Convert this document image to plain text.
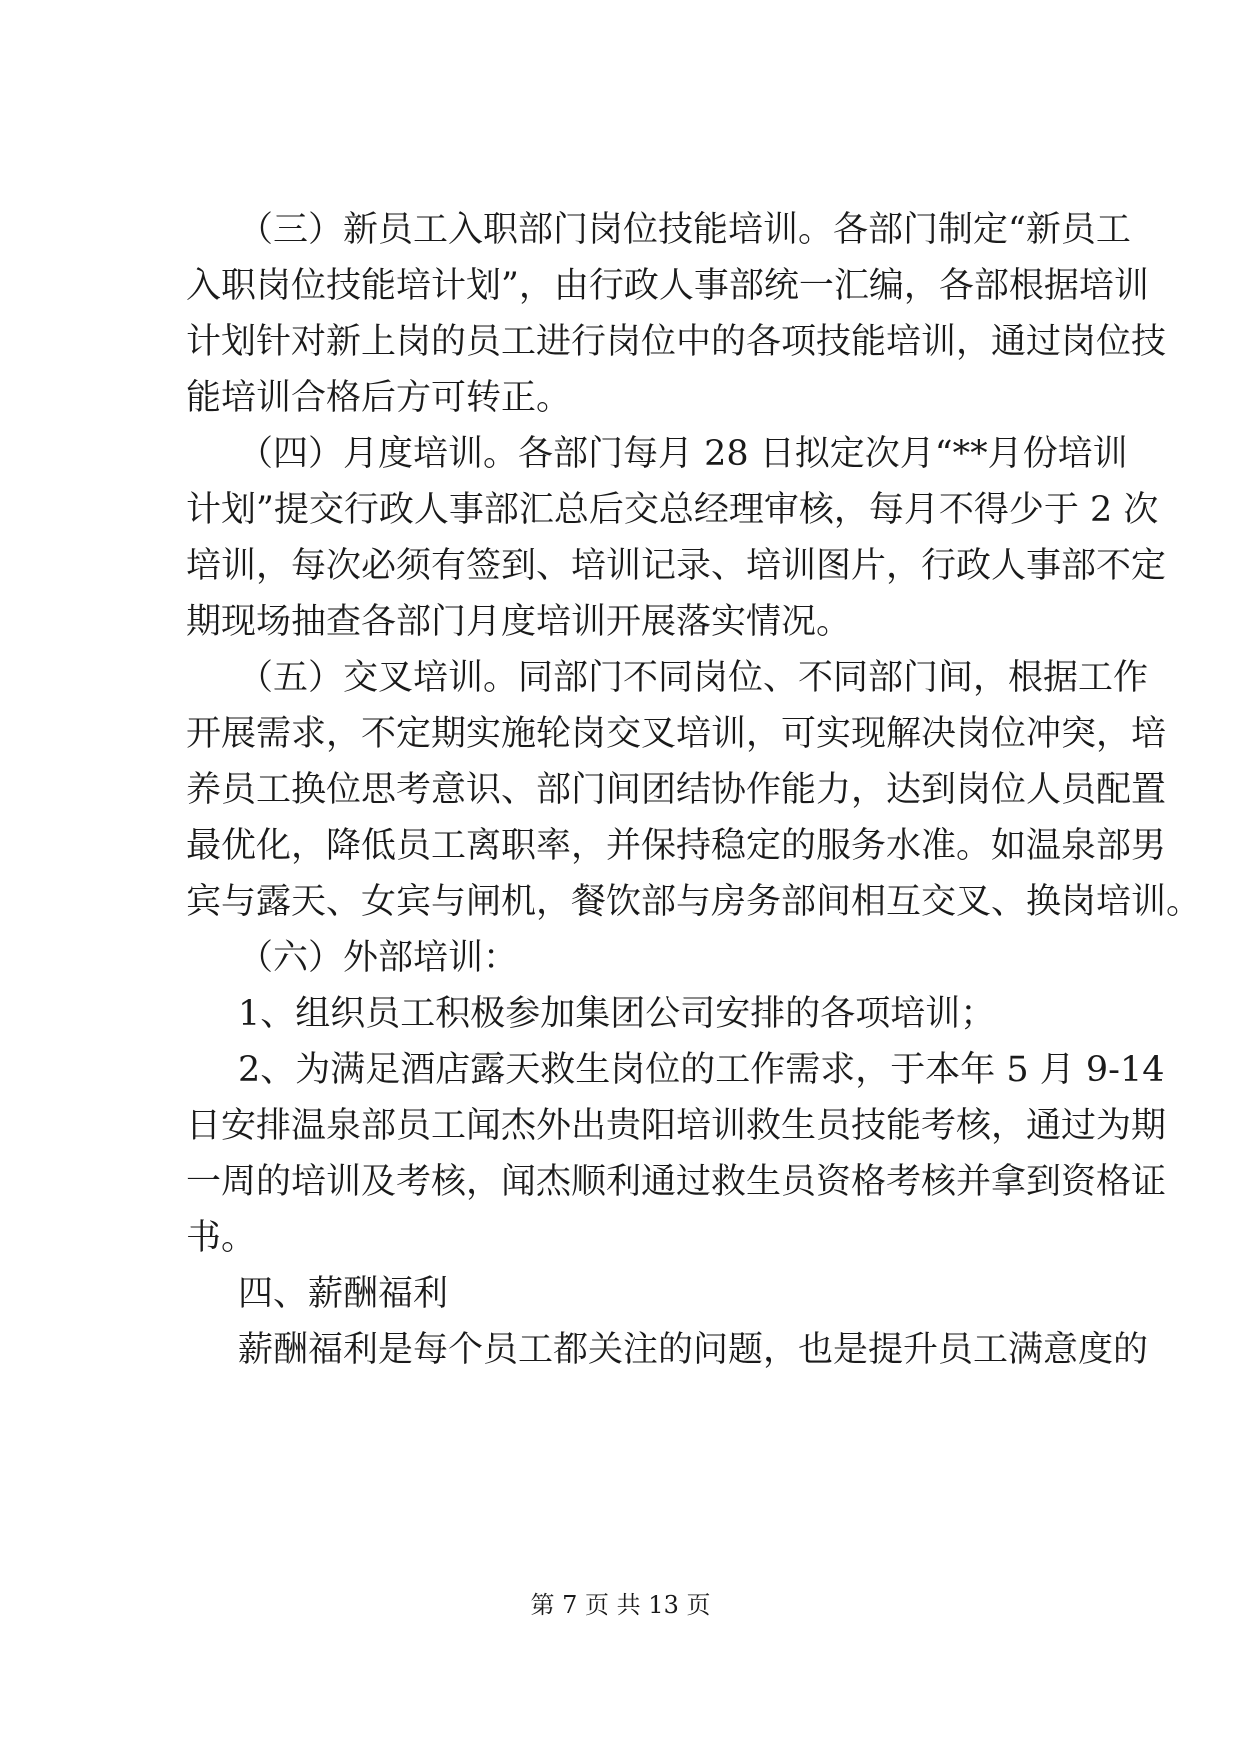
（三）新员工入职部门岗位技能培训。各部门制定“新员工
入职岗位技能培计划”，由行政人事部统一汇编，各部根据培训
计划针对新上岗的员工进行岗位中的各项技能培训，通过岗位技
能培训合格后方可转正。
（四）月度培训。各部门每月 28 日拟定次月“**月份培训
计划”提交行政人事部汇总后交总经理审核，每月不得少于 2 次
培训，每次必须有签到、培训记录、培训图片，行政人事部不定
期现场抽查各部门月度培训开展落实情况。
（五）交叉培训。同部门不同岗位、不同部门间，根据工作
开展需求，不定期实施轮岗交叉培训，可实现解决岗位冲突，培
养员工换位思考意识、部门间团结协作能力，达到岗位人员配置
最优化，降低员工离职率，并保持稳定的服务水准。如温泉部男
宾与露天、女宾与闸机，餐饮部与房务部间相互交叉、换岗培训。
（六）外部培训：
1、组织员工积极参加集团公司安排的各项培训；
2、为满足酒店露天救生岗位的工作需求，于本年 5 月 9-14
日安排温泉部员工闻杰外出贵阳培训救生员技能考核，通过为期
一周的培训及考核，闻杰顺利通过救生员资格考核并拿到资格证
书。
四、薪酬福利
薪酬福利是每个员工都关注的问题，也是提升员工满意度的
第 7 页 共 13 页
